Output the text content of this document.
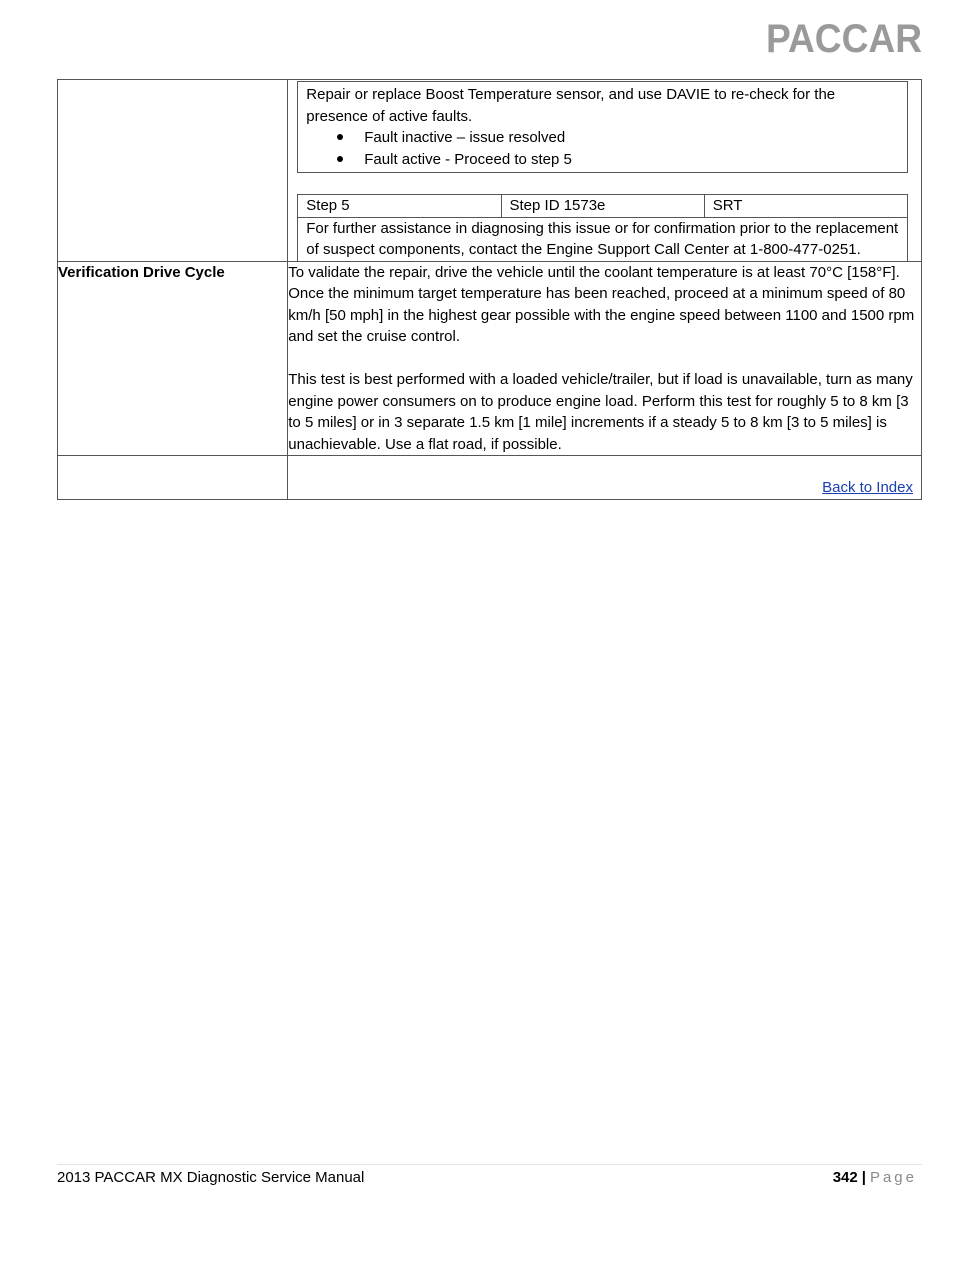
PACCAR

Repair or replace Boost Temperature sensor, and use DAVIE to re-check for the presence of active faults.
Fault inactive – issue resolved
Fault active - Proceed to step 5
Step 5	Step ID 1573e	SRT
For further assistance in diagnosing this issue or for confirmation prior to the replacement of suspect components, contact the Engine Support Call Center at 1-800-477-0251.

Verification Drive Cycle	To validate the repair, drive the vehicle until the coolant temperature is at least 70°C [158°F]. Once the minimum target temperature has been reached, proceed at a minimum speed of 80 km/h [50 mph] in the highest gear possible with the engine speed between 1100 and 1500 rpm and set the cruise control.

This test is best performed with a loaded vehicle/trailer, but if load is unavailable, turn as many engine power consumers on to produce engine load. Perform this test for roughly 5 to 8 km [3 to 5 miles] or in 3 separate 1.5 km [1 mile] increments if a steady 5 to 8 km [3 to 5 miles] is unachievable. Use a flat road, if possible.

Back to Index
2013 PACCAR MX Diagnostic Service Manual	342 | Page
